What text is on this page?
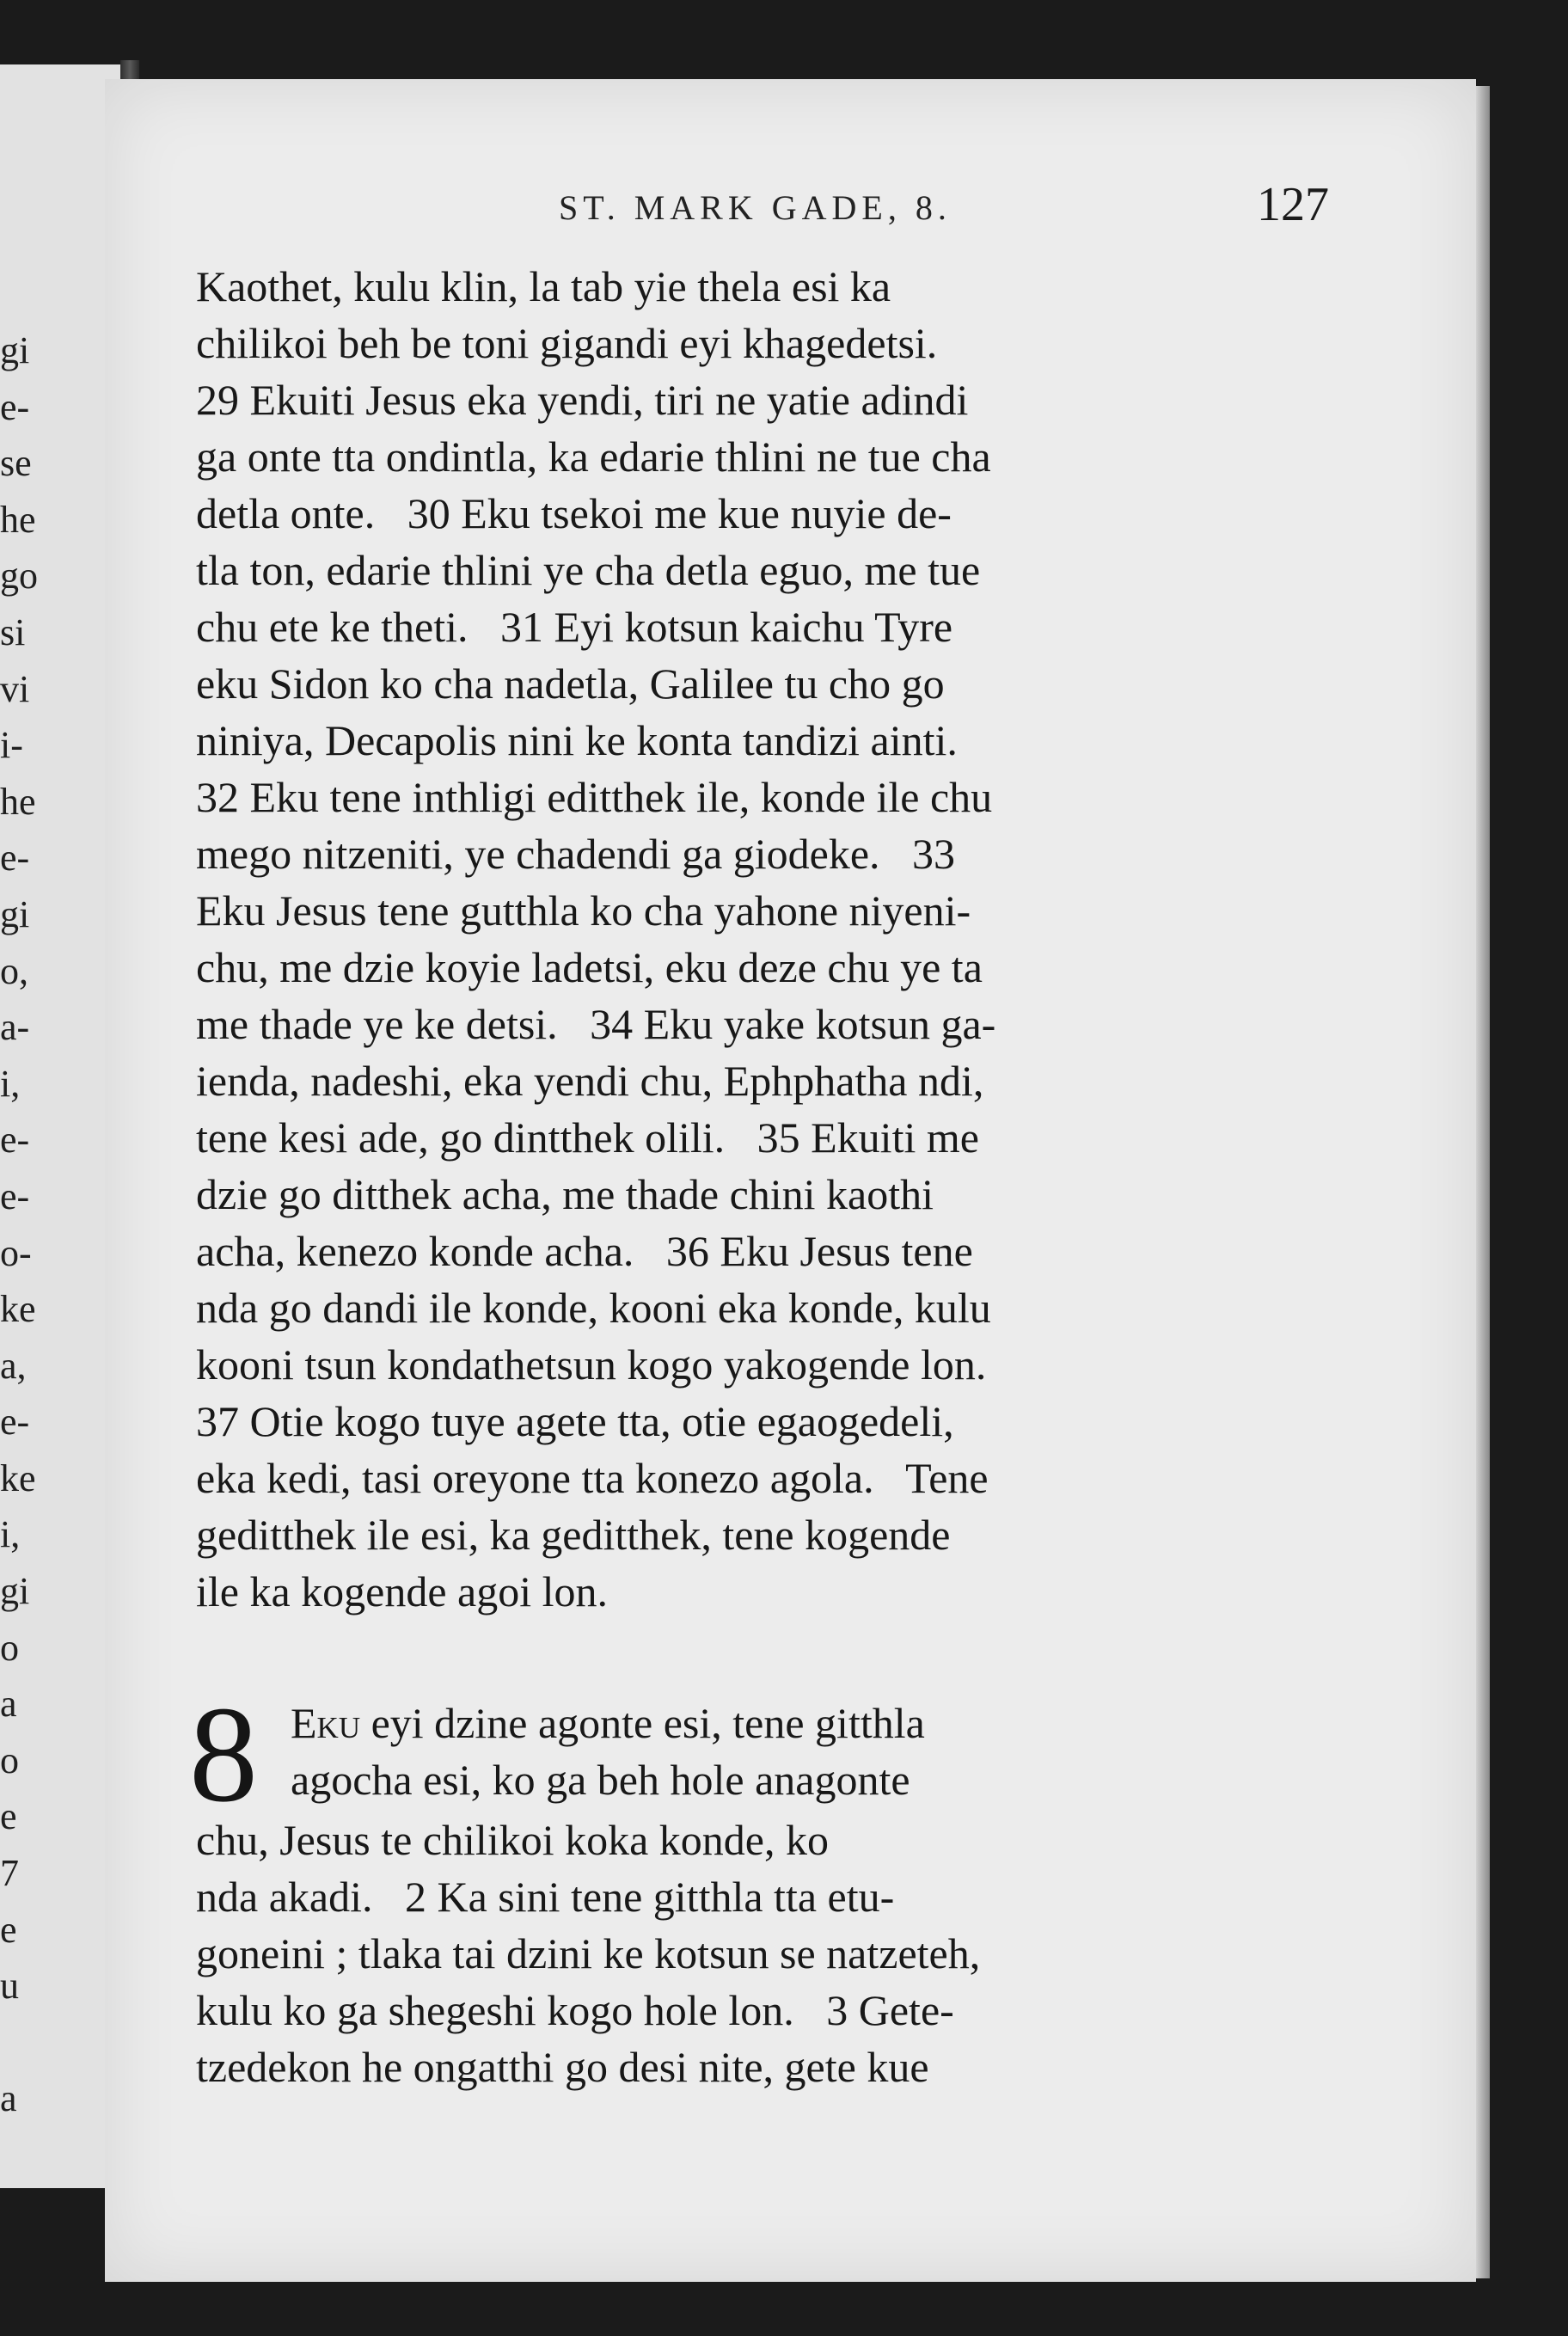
gi
e-
se
he
go
si
vi
i-
he
e-
gi
o,
a-
i,
e-
e-
o-
ke
a,
e-
ke
i,
gi
o
a
o
e
7
e
u

a
ST. MARK GADE, 8.	127
Kaothet, kulu klin, la tab yie thela esi ka
chilikoi beh be toni gigandi eyi khagedetsi.
29 Ekuiti Jesus eka yendi, tiri ne yatie adindi
ga onte tta ondintla, ka edarie thlini ne tue cha
detla onte.   30 Eku tsekoi me kue nuyie de-
tla ton, edarie thlini ye cha detla eguo, me tue
chu ete ke theti.   31 Eyi kotsun kaichu Tyre
eku Sidon ko cha nadetla, Galilee tu cho go
niniya, Decapolis nini ke konta tandizi ainti.
32 Eku tene inthligi editthek ile, konde ile chu
mego nitzeniti, ye chadendi ga giodeke.   33
Eku Jesus tene gutthla ko cha yahone niyeni-
chu, me dzie koyie ladetsi, eku deze chu ye ta
me thade ye ke detsi.   34 Eku yake kotsun ga-
iendа, nadeshi, eka yendi chu, Ephphatha ndi,
tene kesi ade, go dintthek olili.   35 Ekuiti me
dzie go ditthek acha, me thade chini kaothi
acha, kenezo konde acha.   36 Eku Jesus tene
nda go dandi ile konde, kooni eka konde, kulu
kooni tsun kondathetsun kogo yakogende lon.
37 Otie kogo tuye agete tta, otie egaogedeli,
eka kedi, tasi oreyone tta konezo agola.   Tene
geditthek ile esi, ka geditthek, tene kogende
ile ka kogende agoi lon.
8 Eku eyi dzine agonte esi, tene gitthla
agocha esi, ko ga beh hole anagonte
chu, Jesus te chilikoi koka konde, ko
nda akadi.   2 Ka sini tene gitthla tta etu-
goneini ; tlaka tai dzini ke kotsun se natzeteh,
kulu ko ga shegeshi kogo hole lon.   3 Gete-
tzedekon he ongatthi go desi nite, gete kue
